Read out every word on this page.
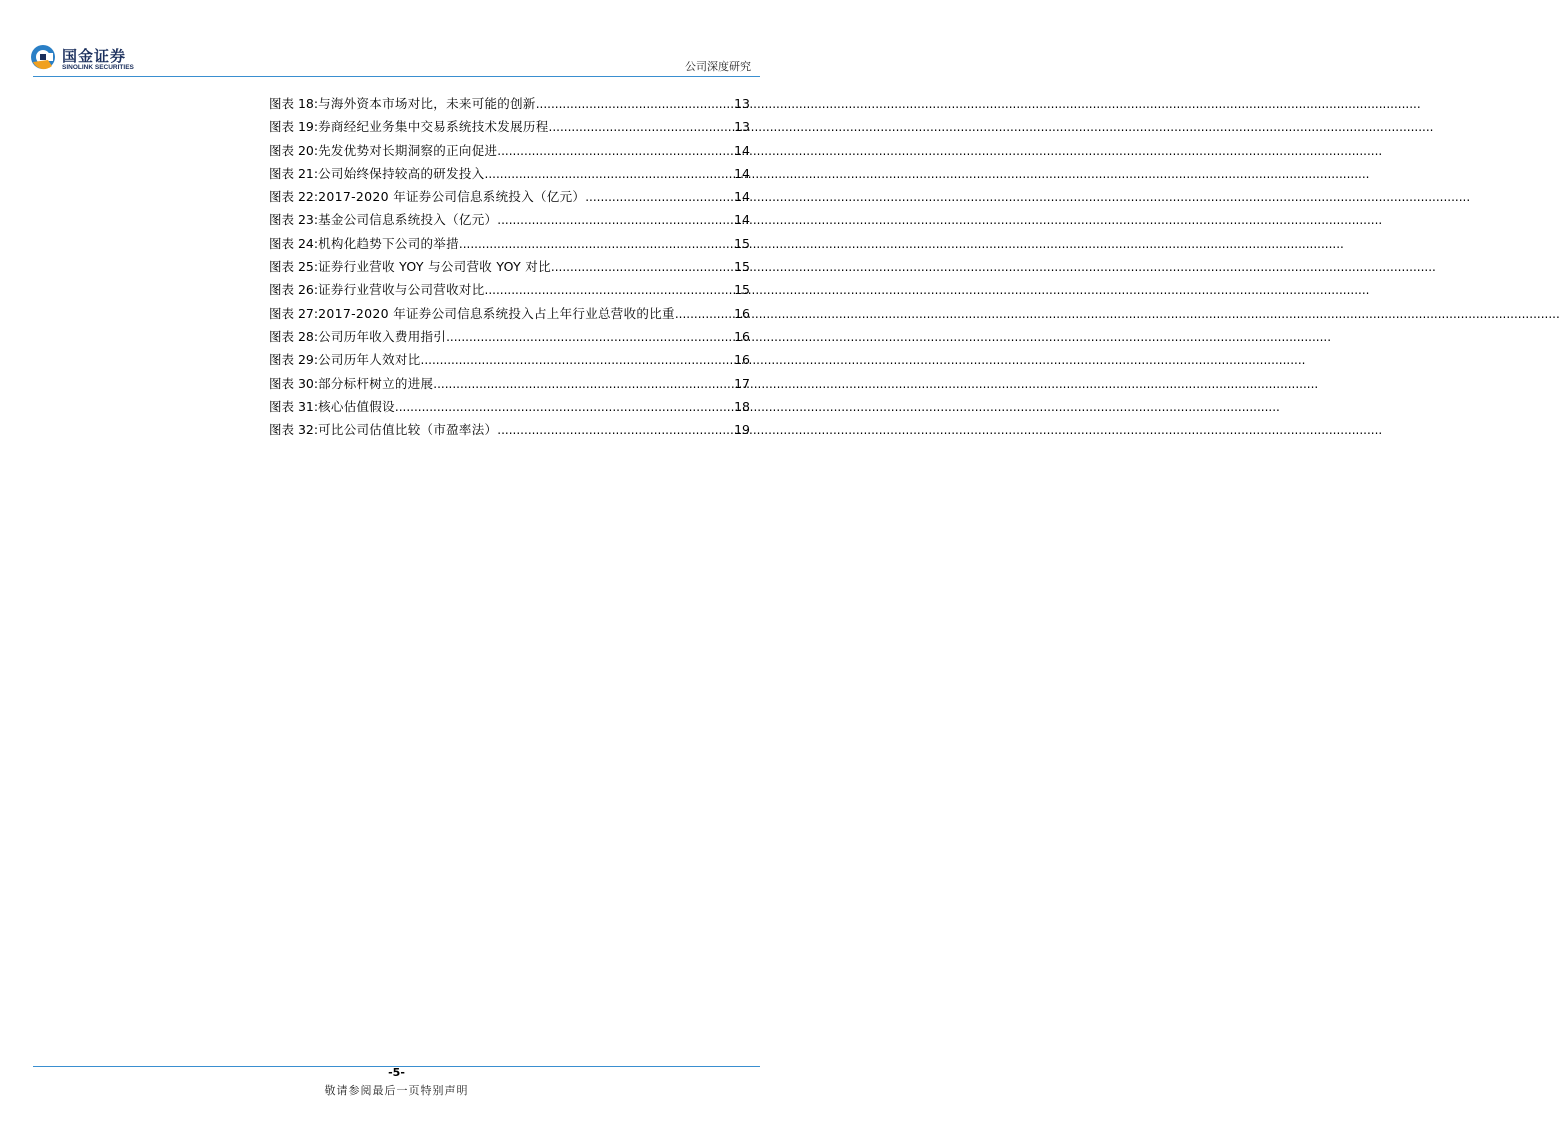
国金证券
SINOLINK SECURITIES	公司深度研究
图表 18: 与海外资本市场对比，未来可能的创新 .....	13
图表 19: 券商经纪业务集中交易系统技术发展历程 .....	13
图表 20: 先发优势对长期洞察的正向促进 .....	14
图表 21: 公司始终保持较高的研发投入 .....	14
图表 22: 2017-2020 年证券公司信息系统投入（亿元） .....	14
图表 23: 基金公司信息系统投入（亿元） .....	14
图表 24: 机构化趋势下公司的举措 .....	15
图表 25: 证券行业营收 YOY 与公司营收 YOY 对比 .....	15
图表 26: 证券行业营收与公司营收对比 .....	15
图表 27: 2017-2020 年证券公司信息系统投入占上年行业总营收的比重 .....	16
图表 28: 公司历年收入费用指引 .....	16
图表 29: 公司历年人效对比 .....	16
图表 30: 部分标杆树立的进展 .....	17
图表 31: 核心估值假设 .....	18
图表 32: 可比公司估值比较（市盈率法） .....	19
-5-
敬请参阅最后一页特别声明
